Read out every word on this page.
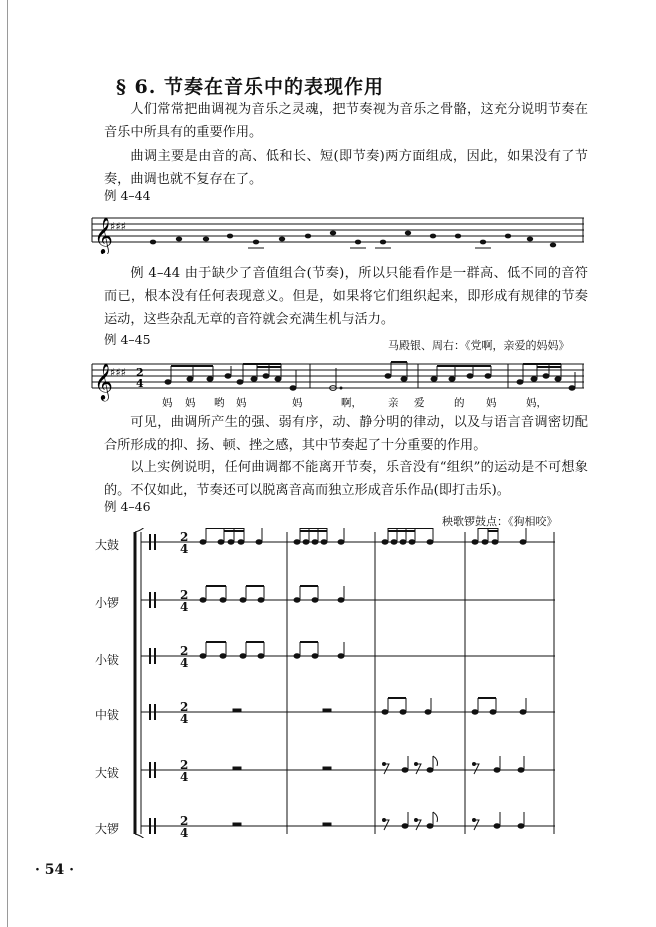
§ 6. 节奏在音乐中的表现作用
人们常常把曲调视为音乐之灵魂，把节奏视为音乐之骨骼，这充分说明节奏在音乐中所具有的重要作用。
曲调主要是由音的高、低和长、短(即节奏)两方面组成，因此，如果没有了节奏，曲调也就不复存在了。
例 4–44
𝄞
♯♯♯
例 4–44 由于缺少了音值组合(节奏)，所以只能看作是一群高、低不同的音符而已，根本没有任何表现意义。但是，如果将它们组织起来，即形成有规律的节奏运动，这些杂乱无章的音符就会充满生机与活力。
例 4–45	马殿银、周右：《党啊，亲爱的妈妈》
𝄞
♯♯♯ 2
4
妈 妈 哟 妈	妈	啊， 亲 爱	的 妈	妈，
可见，曲调所产生的强、弱有序，动、静分明的律动，以及与语言音调密切配合所形成的抑、扬、顿、挫之感，其中节奏起了十分重要的作用。
以上实例说明，任何曲调都不能离开节奏，乐音没有“组织”的运动是不可想象的。不仅如此，节奏还可以脱离音高而独立形成音乐作品(即打击乐)。
例 4–46
秧歌锣鼓点：《狗相咬》
大鼓
小锣
小钹
中钹
大钹
大锣
2
4
2
4
2
4
2
4
2
4
2
4
· 54 ·
